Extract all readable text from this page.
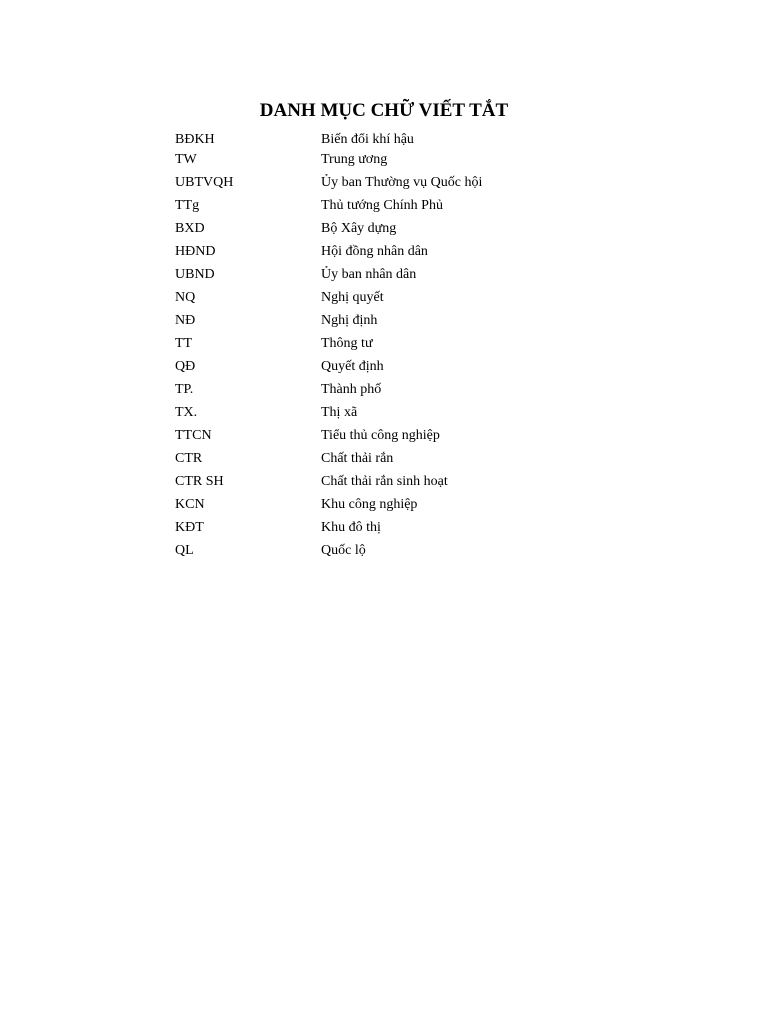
DANH MỤC CHỮ VIẾT TẮT
BĐKH	Biến đổi khí hậu
TW	Trung ương
UBTVQH	Ủy ban Thường vụ Quốc hội
TTg	Thủ tướng Chính Phủ
BXD	Bộ Xây dựng
HĐND	Hội đồng nhân dân
UBND	Ủy ban nhân dân
NQ	Nghị quyết
NĐ	Nghị định
TT	Thông tư
QĐ	Quyết định
TP.	Thành phố
TX.	Thị xã
TTCN	Tiểu thủ công nghiệp
CTR	Chất thải rắn
CTR SH	Chất thải rắn sinh hoạt
KCN	Khu công nghiệp
KĐT	Khu đô thị
QL	Quốc lộ
